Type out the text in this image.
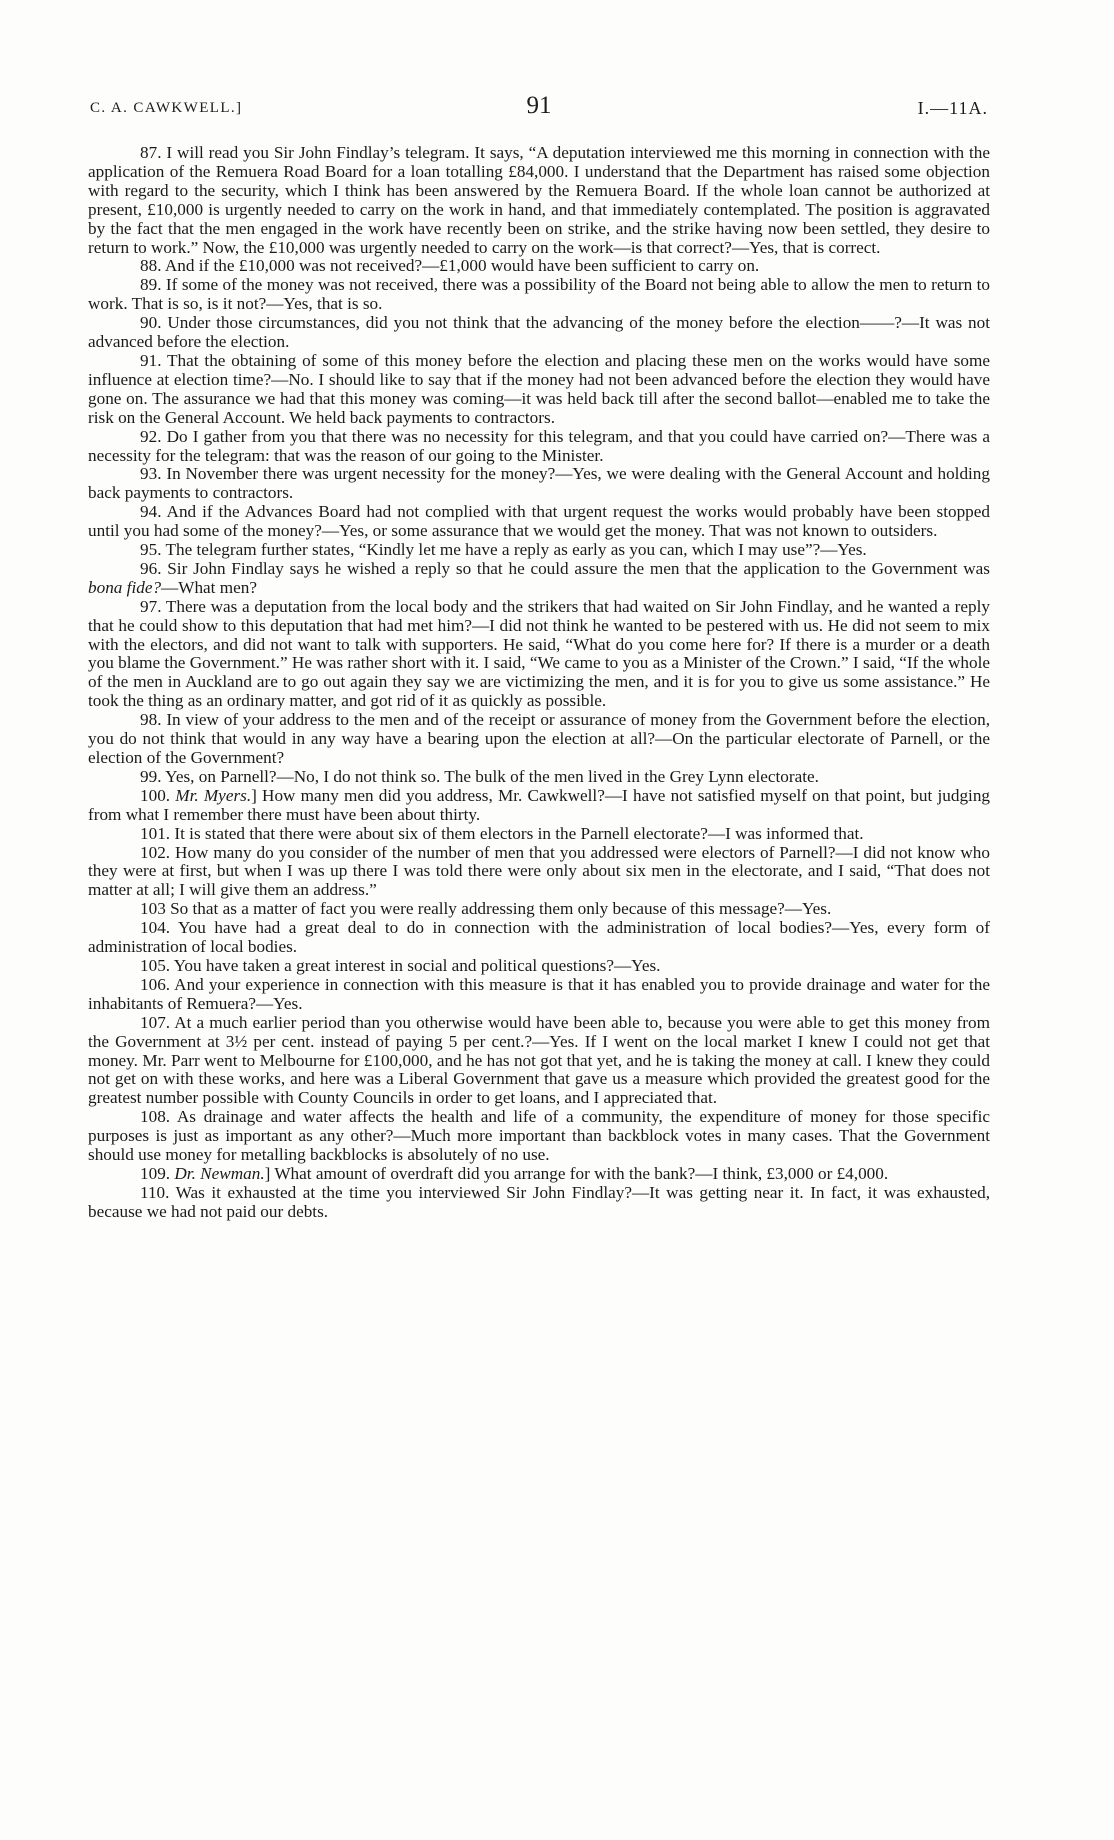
C. A. CAWKWELL.]	91	I.—11A.

87. I will read you Sir John Findlay’s telegram. It says, “A deputation interviewed me this morning in connection with the application of the Remuera Road Board for a loan totalling £84,000. I understand that the Department has raised some objection with regard to the security, which I think has been answered by the Remuera Board. If the whole loan cannot be authorized at present, £10,000 is urgently needed to carry on the work in hand, and that immediately contemplated. The position is aggravated by the fact that the men engaged in the work have recently been on strike, and the strike having now been settled, they desire to return to work.” Now, the £10,000 was urgently needed to carry on the work—is that correct?—Yes, that is correct.

88. And if the £10,000 was not received?—£1,000 would have been sufficient to carry on.

89. If some of the money was not received, there was a possibility of the Board not being able to allow the men to return to work. That is so, is it not?—Yes, that is so.

90. Under those circumstances, did you not think that the advancing of the money before the election——?—It was not advanced before the election.

91. That the obtaining of some of this money before the election and placing these men on the works would have some influence at election time?—No. I should like to say that if the money had not been advanced before the election they would have gone on. The assurance we had that this money was coming—it was held back till after the second ballot—enabled me to take the risk on the General Account. We held back payments to contractors.

92. Do I gather from you that there was no necessity for this telegram, and that you could have carried on?—There was a necessity for the telegram: that was the reason of our going to the Minister.

93. In November there was urgent necessity for the money?—Yes, we were dealing with the General Account and holding back payments to contractors.

94. And if the Advances Board had not complied with that urgent request the works would probably have been stopped until you had some of the money?—Yes, or some assurance that we would get the money. That was not known to outsiders.

95. The telegram further states, “Kindly let me have a reply as early as you can, which I may use”?—Yes.

96. Sir John Findlay says he wished a reply so that he could assure the men that the application to the Government was bona fide?—What men?

97. There was a deputation from the local body and the strikers that had waited on Sir John Findlay, and he wanted a reply that he could show to this deputation that had met him?—I did not think he wanted to be pestered with us. He did not seem to mix with the electors, and did not want to talk with supporters. He said, “What do you come here for? If there is a murder or a death you blame the Government.” He was rather short with it. I said, “We came to you as a Minister of the Crown.” I said, “If the whole of the men in Auckland are to go out again they say we are victimizing the men, and it is for you to give us some assistance.” He took the thing as an ordinary matter, and got rid of it as quickly as possible.

98. In view of your address to the men and of the receipt or assurance of money from the Government before the election, you do not think that would in any way have a bearing upon the election at all?—On the particular electorate of Parnell, or the election of the Government?

99. Yes, on Parnell?—No, I do not think so. The bulk of the men lived in the Grey Lynn electorate.

100. Mr. Myers.] How many men did you address, Mr. Cawkwell?—I have not satisfied myself on that point, but judging from what I remember there must have been about thirty.

101. It is stated that there were about six of them electors in the Parnell electorate?—I was informed that.

102. How many do you consider of the number of men that you addressed were electors of Parnell?—I did not know who they were at first, but when I was up there I was told there were only about six men in the electorate, and I said, “That does not matter at all; I will give them an address.”

103 So that as a matter of fact you were really addressing them only because of this message?—Yes.

104. You have had a great deal to do in connection with the administration of local bodies?—Yes, every form of administration of local bodies.

105. You have taken a great interest in social and political questions?—Yes.

106. And your experience in connection with this measure is that it has enabled you to provide drainage and water for the inhabitants of Remuera?—Yes.

107. At a much earlier period than you otherwise would have been able to, because you were able to get this money from the Government at 3½ per cent. instead of paying 5 per cent.?—Yes. If I went on the local market I knew I could not get that money. Mr. Parr went to Melbourne for £100,000, and he has not got that yet, and he is taking the money at call. I knew they could not get on with these works, and here was a Liberal Government that gave us a measure which provided the greatest good for the greatest number possible with County Councils in order to get loans, and I appreciated that.

108. As drainage and water affects the health and life of a community, the expenditure of money for those specific purposes is just as important as any other?—Much more important than backblock votes in many cases. That the Government should use money for metalling backblocks is absolutely of no use.

109. Dr. Newman.] What amount of overdraft did you arrange for with the bank?—I think, £3,000 or £4,000.

110. Was it exhausted at the time you interviewed Sir John Findlay?—It was getting near it. In fact, it was exhausted, because we had not paid our debts.
